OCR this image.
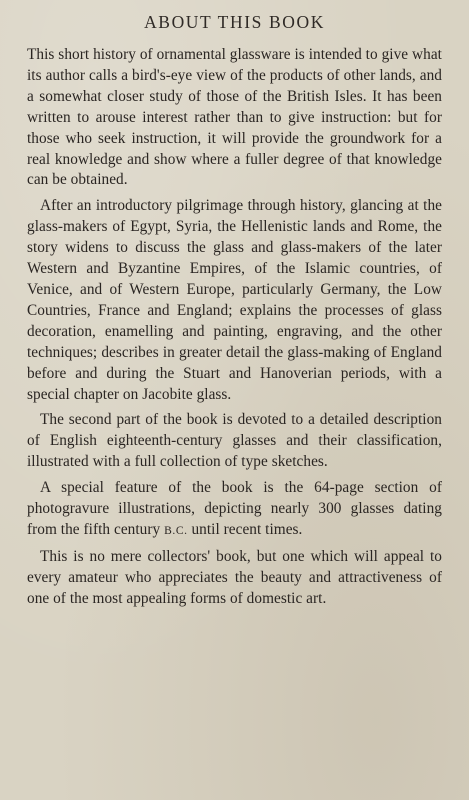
ABOUT THIS BOOK

This short history of ornamental glassware is intended to give what its author calls a bird's-eye view of the products of other lands, and a somewhat closer study of those of the British Isles. It has been written to arouse interest rather than to give instruction: but for those who seek instruction, it will provide the groundwork for a real knowledge and show where a fuller degree of that knowledge can be obtained.

After an introductory pilgrimage through history, glancing at the glass-makers of Egypt, Syria, the Hellenistic lands and Rome, the story widens to discuss the glass and glass-makers of the later Western and Byzantine Empires, of the Islamic countries, of Venice, and of Western Europe, particularly Germany, the Low Countries, France and England; explains the processes of glass decoration, enamelling and painting, engraving, and the other techniques; describes in greater detail the glass-making of England before and during the Stuart and Hanoverian periods, with a special chapter on Jacobite glass.

The second part of the book is devoted to a detailed description of English eighteenth-century glasses and their classification, illustrated with a full collection of type sketches.

A special feature of the book is the 64-page section of photogravure illustrations, depicting nearly 300 glasses dating from the fifth century B.C. until recent times.

This is no mere collectors' book, but one which will appeal to every amateur who appreciates the beauty and attractiveness of one of the most appealing forms of domestic art.
